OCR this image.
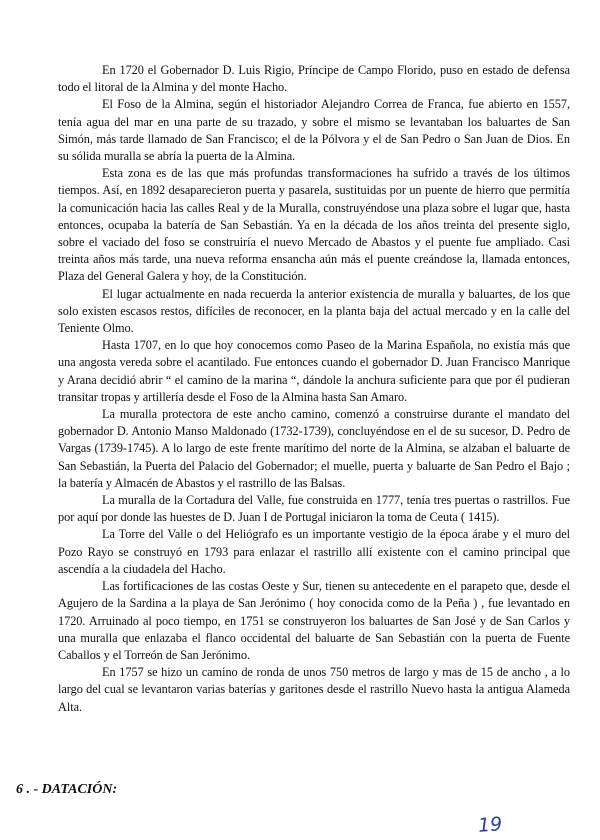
En 1720 el Gobernador D. Luis Rigio, Príncipe de Campo Florido, puso en estado de defensa todo el litoral de la Almina y del monte Hacho.

El Foso de la Almina, según el historiador Alejandro Correa de Franca, fue abierto en 1557, tenía agua del mar en una parte de su trazado, y sobre el mismo se levantaban los baluartes de San Simón, más tarde llamado de San Francisco; el de la Pólvora y el de San Pedro o San Juan de Dios. En su sólida muralla se abría la puerta de la Almina.

Esta zona es de las que más profundas transformaciones ha sufrido a través de los últimos tiempos. Así, en 1892 desaparecieron puerta y pasarela, sustituidas por un puente de hierro que permitía la comunicación hacia las calles Real y de la Muralla, construyéndose una plaza sobre el lugar que, hasta entonces, ocupaba la batería de San Sebastián. Ya en la década de los años treinta del presente siglo, sobre el vaciado del foso se construiría el nuevo Mercado de Abastos y el puente fue ampliado. Casi treinta años más tarde, una nueva reforma ensancha aún más el puente creándose la, llamada entonces, Plaza del General Galera y hoy, de la Constitución.

El lugar actualmente en nada recuerda la anterior existencia de muralla y baluartes, de los que solo existen escasos restos, difíciles de reconocer, en la planta baja del actual mercado y en la calle del Teniente Olmo.

Hasta 1707, en lo que hoy conocemos como Paseo de la Marina Española, no existía más que una angosta vereda sobre el acantilado. Fue entonces cuando el gobernador D. Juan Francisco Manrique y Arana decidió abrir “ el camino de la marina “, dándole la anchura suficiente para que por él pudieran transitar tropas y artillería desde el Foso de la Almina hasta San Amaro.

La muralla protectora de este ancho camino, comenzó a construirse durante el mandato del gobernador D. Antonio Manso Maldonado (1732-1739), concluyéndose en el de su sucesor, D. Pedro de Vargas (1739-1745). A lo largo de este frente marítimo del norte de la Almina, se alzaban el baluarte de San Sebastián, la Puerta del Palacio del Gobernador; el muelle, puerta y baluarte de San Pedro el Bajo ; la batería y Almacén de Abastos y el rastrillo de las Balsas.

La muralla de la Cortadura del Valle, fue construida en 1777, tenía tres puertas o rastrillos. Fue por aquí por donde las huestes de D. Juan I de Portugal iniciaron la toma de Ceuta ( 1415).

La Torre del Valle o del Heliógrafo es un importante vestigio de la época árabe y el muro del Pozo Rayo se construyó en 1793 para enlazar el rastrillo allí existente con el camino principal que ascendía a la ciudadela del Hacho.

Las fortificaciones de las costas Oeste y Sur, tienen su antecedente en el parapeto que, desde el Agujero de la Sardina a la playa de San Jerónimo ( hoy conocida como de la Peña ) , fue levantado en 1720. Arruinado al poco tiempo, en 1751 se construyeron los baluartes de San José y de San Carlos y una muralla que enlazaba el flanco occidental del baluarte de San Sebastián con la puerta de Fuente Caballos y el Torreón de San Jerónimo.

En 1757 se hizo un camino de ronda de unos 750 metros de largo y mas de 15 de ancho , a lo largo del cual se levantaron varias baterías y garitones desde el rastrillo Nuevo hasta la antigua Alameda Alta.

6 . - DATACIÓN:

19
